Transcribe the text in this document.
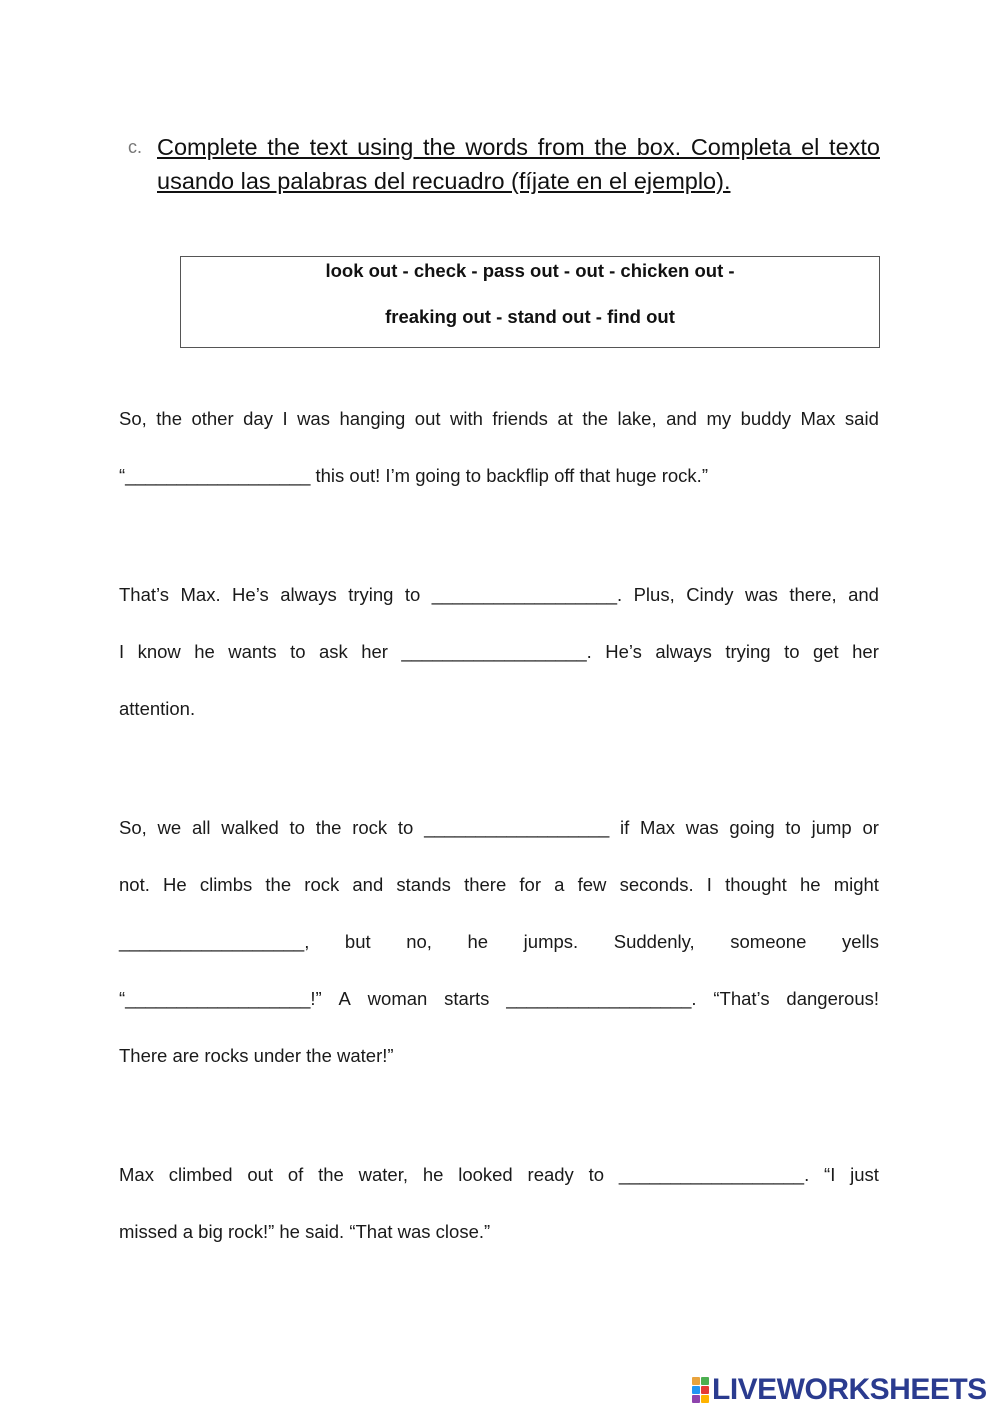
c. Complete the text using the words from the box. Completa el texto usando las palabras del recuadro (fíjate en el ejemplo).
look out - check - pass out - out - chicken out -
freaking out - stand out - find out
So, the other day I was hanging out with friends at the lake, and my buddy Max said
“__________________ this out! I’m going to backflip off that huge rock.”
That’s Max. He’s always trying to __________________. Plus, Cindy was there, and
I know he wants to ask her __________________. He’s always trying to get her
attention.
So, we all walked to the rock to __________________ if Max was going to jump or
not. He climbs the rock and stands there for a few seconds. I thought he might
__________________, but no, he jumps. Suddenly, someone yells
“__________________!” A woman starts __________________. “That’s dangerous!
There are rocks under the water!”
Max climbed out of the water, he looked ready to __________________. “I just
missed a big rock!” he said. “That was close.”
LIVEWORKSHEETS
